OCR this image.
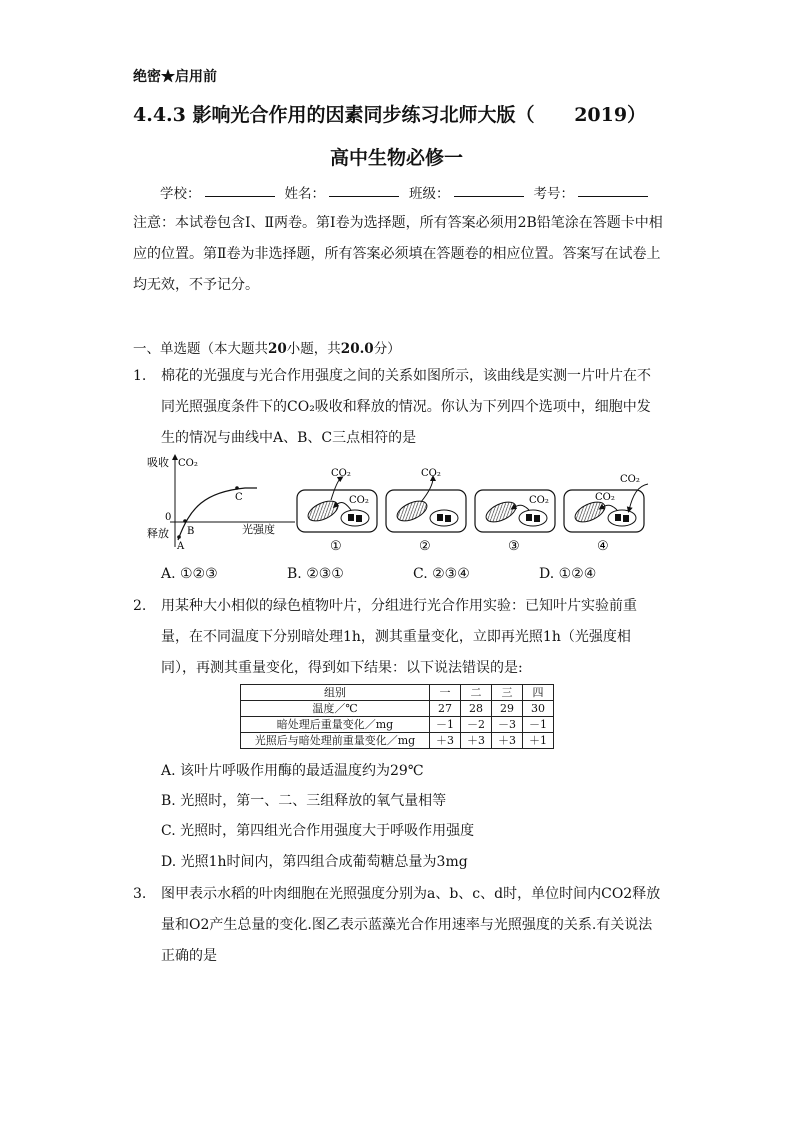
绝密★启用前
4.4.3 影响光合作用的因素同步练习北师大版（      2019）
高中生物必修一
学校：	姓名：	班级：	考号：
注意：本试卷包含Ⅰ、Ⅱ两卷。第Ⅰ卷为选择题，所有答案必须用2B铅笔涂在答题卡中相应的位置。第Ⅱ卷为非选择题，所有答案必须填在答题卷的相应位置。答案写在试卷上均无效，不予记分。
一、单选题（本大题共20小题，共20.0分）
1. 棉花的光强度与光合作用强度之间的关系如图所示，该曲线是实测一片叶片在不同光照强度条件下的CO₂吸收和释放的情况。你认为下列四个选项中，细胞中发生的情况与曲线中A、B、C三点相符的是
吸收 CO₂
释放
0
A
B
C
光强度
CO₂
CO₂
①
CO₂
②
CO₂
③
CO₂
CO₂
④
A. ①②③	B. ②③①	C. ②③④	D. ①②④
2. 用某种大小相似的绿色植物叶片，分组进行光合作用实验：已知叶片实验前重量，在不同温度下分别暗处理1h，测其重量变化，立即再光照1h（光强度相同），再测其重量变化，得到如下结果：以下说法错误的是:
组别	一	二	三	四
温度／℃	27	28	29	30
暗处理后重量变化／mg	－1	－2	－3	－1
光照后与暗处理前重量变化／mg	＋3	＋3	＋3	＋1
A. 该叶片呼吸作用酶的最适温度约为29℃
B. 光照时，第一、二、三组释放的氧气量相等
C. 光照时，第四组光合作用强度大于呼吸作用强度
D. 光照1h时间内，第四组合成葡萄糖总量为3mg
3. 图甲表示水稻的叶肉细胞在光照强度分别为a、b、c、d时，单位时间内CO2释放量和O2产生总量的变化.图乙表示蓝藻光合作用速率与光照强度的关系.有关说法正确的是
